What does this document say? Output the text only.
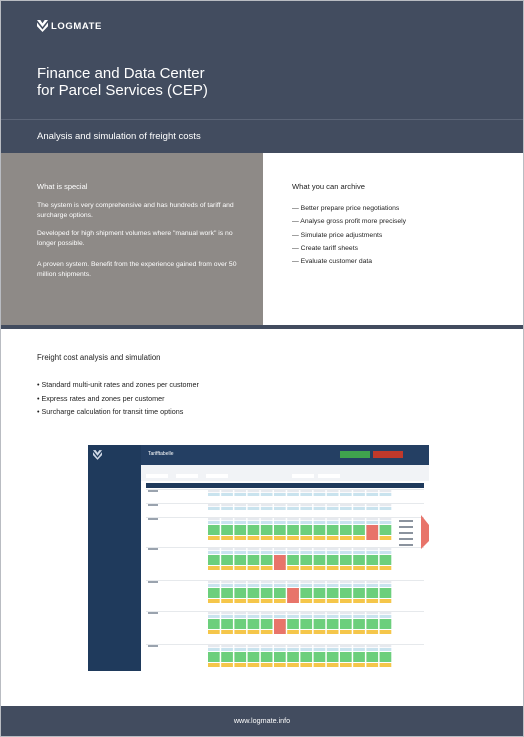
LOGMATE
Finance and Data Center
for Parcel Services (CEP)
Analysis and simulation of freight costs
What is special
The system is very comprehensive and has hundreds of tariff and surcharge options.
Developed for high shipment volumes where "manual work" is no longer possible.
A proven system. Benefit from the experience gained from over 50 million shipments.
What you can archive
— Better prepare price negotiations
— Analyse gross profit more precisely
— Simulate price adjustments
— Create tariff sheets
— Evaluate customer data
Freight cost analysis and simulation
• Standard multi-unit rates and zones per customer
• Express rates and zones per customer
• Surcharge calculation for transit time options
Tarifftabelle
www.logmate.info
